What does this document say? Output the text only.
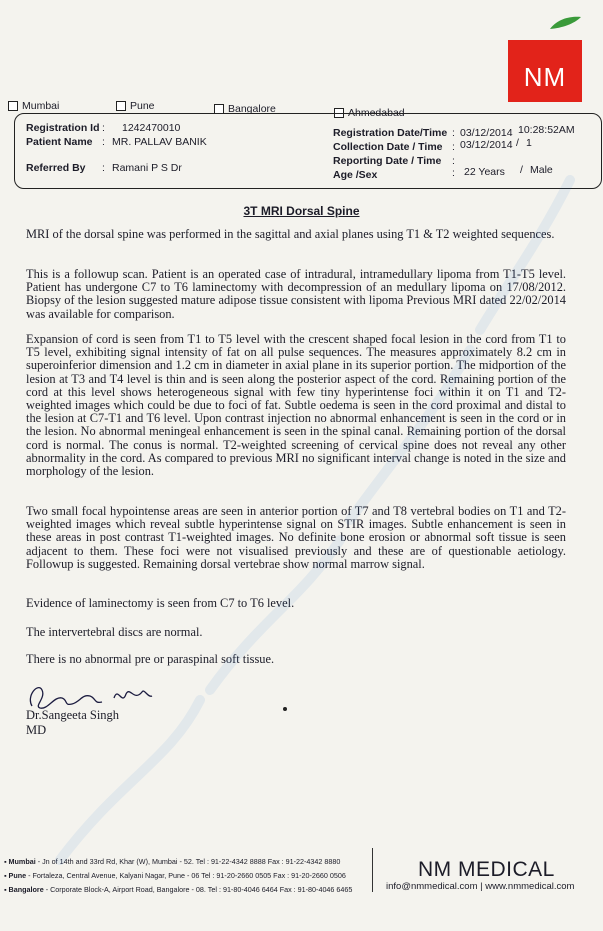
NM
Mumbai	Pune	Bangalore	Ahmedabad
Registration Id : 1242470010
Patient Name : MR. PALLAV BANIK
Referred By : Ramani P S Dr
Registration Date/Time : 03/12/2014 10:28:52AM
Collection Date / Time : 03/12/2014 / 1
Reporting Date / Time :
Age /Sex	: 22 Years / Male
3T MRI Dorsal Spine

MRI of the dorsal spine was performed in the sagittal and axial planes using T1 & T2 weighted sequences.

This is a followup scan. Patient is an operated case of intradural, intramedullary lipoma from T1-T5 level. Patient has undergone C7 to T6 laminectomy with decompression of an medullary lipoma on 17/08/2012. Biopsy of the lesion suggested mature adipose tissue consistent with lipoma Previous MRI dated 22/02/2014 was available for comparison.

Expansion of cord is seen from T1 to T5 level with the crescent shaped focal lesion in the cord from T1 to T5 level, exhibiting signal intensity of fat on all pulse sequences. The measures approximately 8.2 cm in superoinferior dimension and 1.2 cm in diameter in axial plane in its superior portion. The midportion of the lesion at T3 and T4 level is thin and is seen along the posterior aspect of the cord. Remaining portion of the cord at this level shows heterogeneous signal with few tiny hyperintense foci within it on T1 and T2-weighted images which could be due to foci of fat. Subtle oedema is seen in the cord proximal and distal to the lesion at C7-T1 and T6 level. Upon contrast injection no abnormal enhancement is seen in the cord or in the lesion. No abnormal meningeal enhancement is seen in the spinal canal. Remaining portion of the dorsal cord is normal. The conus is normal. T2-weighted screening of cervical spine does not reveal any other abnormality in the cord. As compared to previous MRI no significant interval change is noted in the size and morphology of the lesion.

Two small focal hypointense areas are seen in anterior portion of T7 and T8 vertebral bodies on T1 and T2-weighted images which reveal subtle hyperintense signal on STIR images. Subtle enhancement is seen in these areas in post contrast T1-weighted images. No definite bone erosion or abnormal soft tissue is seen adjacent to them. These foci were not visualised previously and these are of questionable aetiology. Followup is suggested. Remaining dorsal vertebrae show normal marrow signal.

Evidence of laminectomy is seen from C7 to T6 level.

The intervertebral discs are normal.

There is no abnormal pre or paraspinal soft tissue.

Dr.Sangeeta Singh
MD
▪ Mumbai - Jn of 14th and 33rd Rd, Khar (W), Mumbai - 52. Tel : 91-22-4342 8888 Fax : 91-22-4342 8880
▪ Pune - Fortaleza, Central Avenue, Kalyani Nagar, Pune - 06 Tel : 91-20-2660 0505 Fax : 91-20-2660 0506
▪ Bangalore - Corporate Block-A, Airport Road, Bangalore - 08. Tel : 91-80-4046 6464 Fax : 91-80-4046 6465
NM MEDICAL
info@nmmedical.com | www.nmmedical.com
